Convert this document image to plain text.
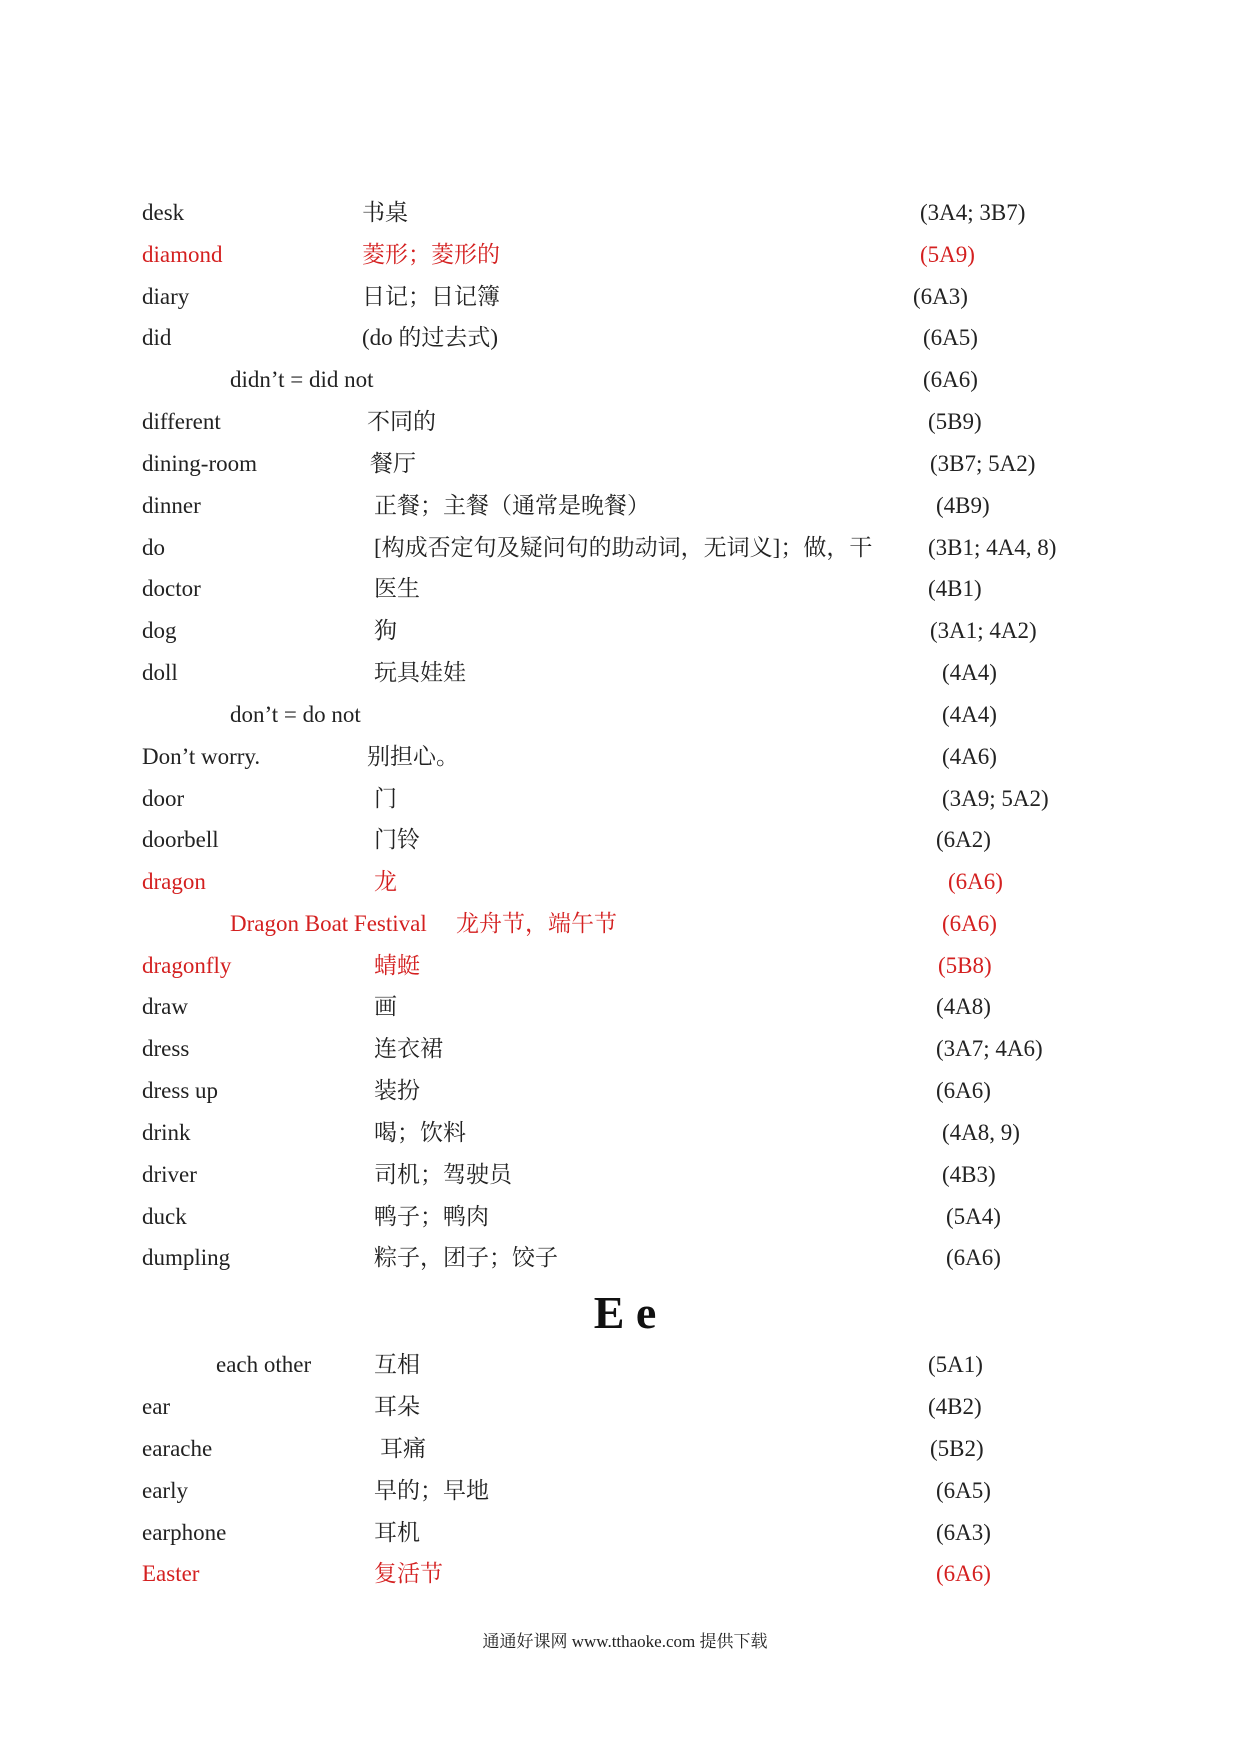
desk	书桌	(3A4; 3B7)
diamond	菱形；菱形的	(5A9)
diary	日记；日记簿	(6A3)
did	(do 的过去式)	(6A5)
didn’t = did not	(6A6)
different	不同的	(5B9)
dining-room	餐厅	(3B7; 5A2)
dinner	正餐；主餐（通常是晚餐）	(4B9)
do	[构成否定句及疑问句的助动词，无词义]；做，干 (3B1; 4A4, 8)
doctor	医生	(4B1)
dog	狗	(3A1; 4A2)
doll	玩具娃娃	(4A4)
don’t = do not	(4A4)
Don’t worry.	别担心。	(4A6)
door	门	(3A9; 5A2)
doorbell	门铃	(6A2)
dragon	龙	(6A6)
Dragon Boat Festival 龙舟节，端午节	(6A6)
dragonfly	蜻蜓	(5B8)
draw	画	(4A8)
dress	连衣裙	(3A7; 4A6)
dress up	装扮	(6A6)
drink	喝；饮料	(4A8, 9)
driver	司机；驾驶员	(4B3)
duck	鸭子；鸭肉	(5A4)
dumpling	粽子，团子；饺子	(6A6)
E e
each other	互相	(5A1)
ear	耳朵	(4B2)
earache	耳痛	(5B2)
early	早的；早地	(6A5)
earphone	耳机	(6A3)
Easter	复活节	(6A6)
通通好课网 www.tthaoke.com 提供下载
